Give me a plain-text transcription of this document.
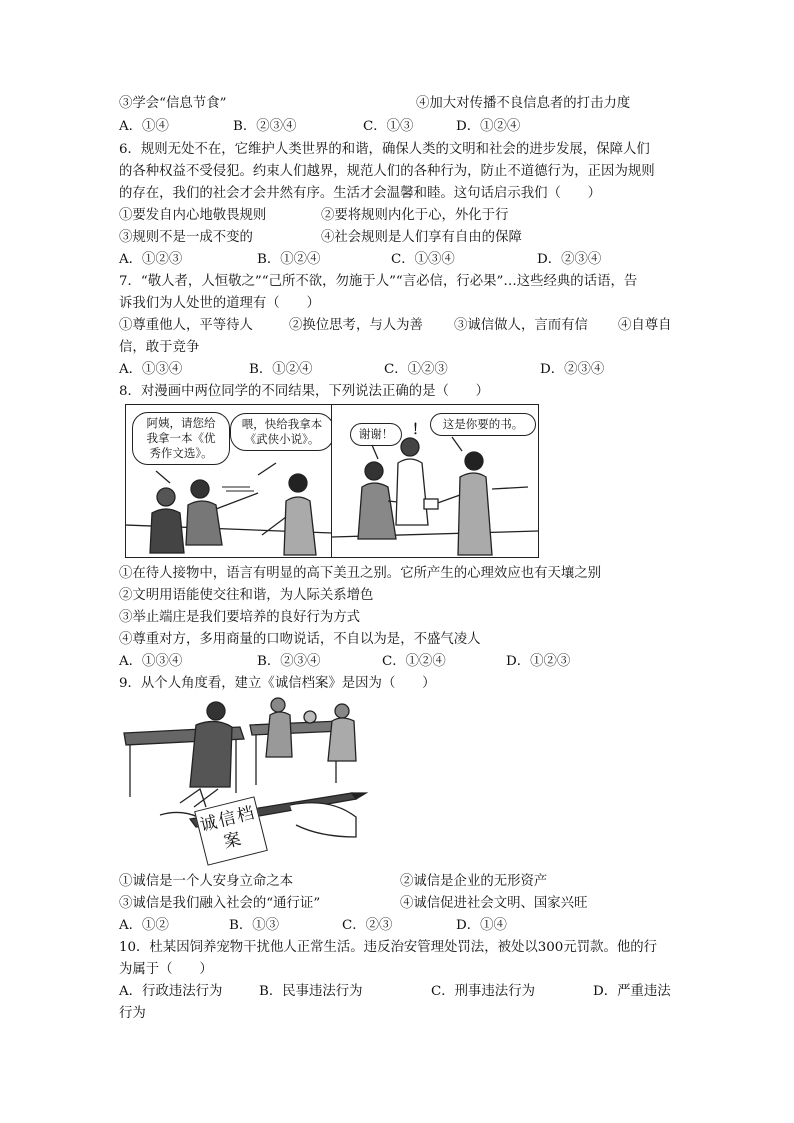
③学会“信息节食”	④加大对传播不良信息者的打击力度
A．①④	B．②③④	C．①③	D．①②④
6．规则无处不在，它维护人类世界的和谐，确保人类的文明和社会的进步发展，保障人们
的各种权益不受侵犯。约束人们越界，规范人们的各种行为，防止不道德行为，正因为规则
的存在，我们的社会才会井然有序。生活才会温馨和睦。这句话启示我们（　　）
①要发自内心地敬畏规则	②要将规则内化于心，外化于行
③规则不是一成不变的	④社会规则是人们享有自由的保障
A．①②③	B．①②④	C．①③④	D．②③④
7．“敬人者，人恒敬之”“己所不欲，勿施于人”“言必信，行必果”…这些经典的话语，告
诉我们为人处世的道理有（　　）
①尊重他人，平等待人	②换位思考，与人为善 ③诚信做人，言而有信 ④自尊自
信，敢于竞争
A．①③④	B．①②④	C．①②③	D．②③④
8．对漫画中两位同学的不同结果，下列说法正确的是（　　）
阿姨，请您给
我拿一本《优
秀作文选》。
喂，快给我拿本
《武侠小说》。	谢谢！	！	这是你要的书。
①在待人接物中，语言有明显的高下美丑之别。它所产生的心理效应也有天壤之别
②文明用语能使交往和谐，为人际关系增色
③举止端庄是我们要培养的良好行为方式
④尊重对方，多用商量的口吻说话，不自以为是，不盛气凌人
A．①③④	B．②③④	C．①②④	D．①②③
9．从个人角度看，建立《诚信档案》是因为（　　）
诚信档案
①诚信是一个人安身立命之本	②诚信是企业的无形资产
③诚信是我们融入社会的“通行证”	④诚信促进社会文明、国家兴旺
A．①②	B．①③	C．②③	D．①④
10．杜某因饲养宠物干扰他人正常生活。违反治安管理处罚法，被处以300元罚款。他的行
为属于（　　）
A．行政违法行为	B．民事违法行为	C．刑事违法行为	D．严重违法
行为
